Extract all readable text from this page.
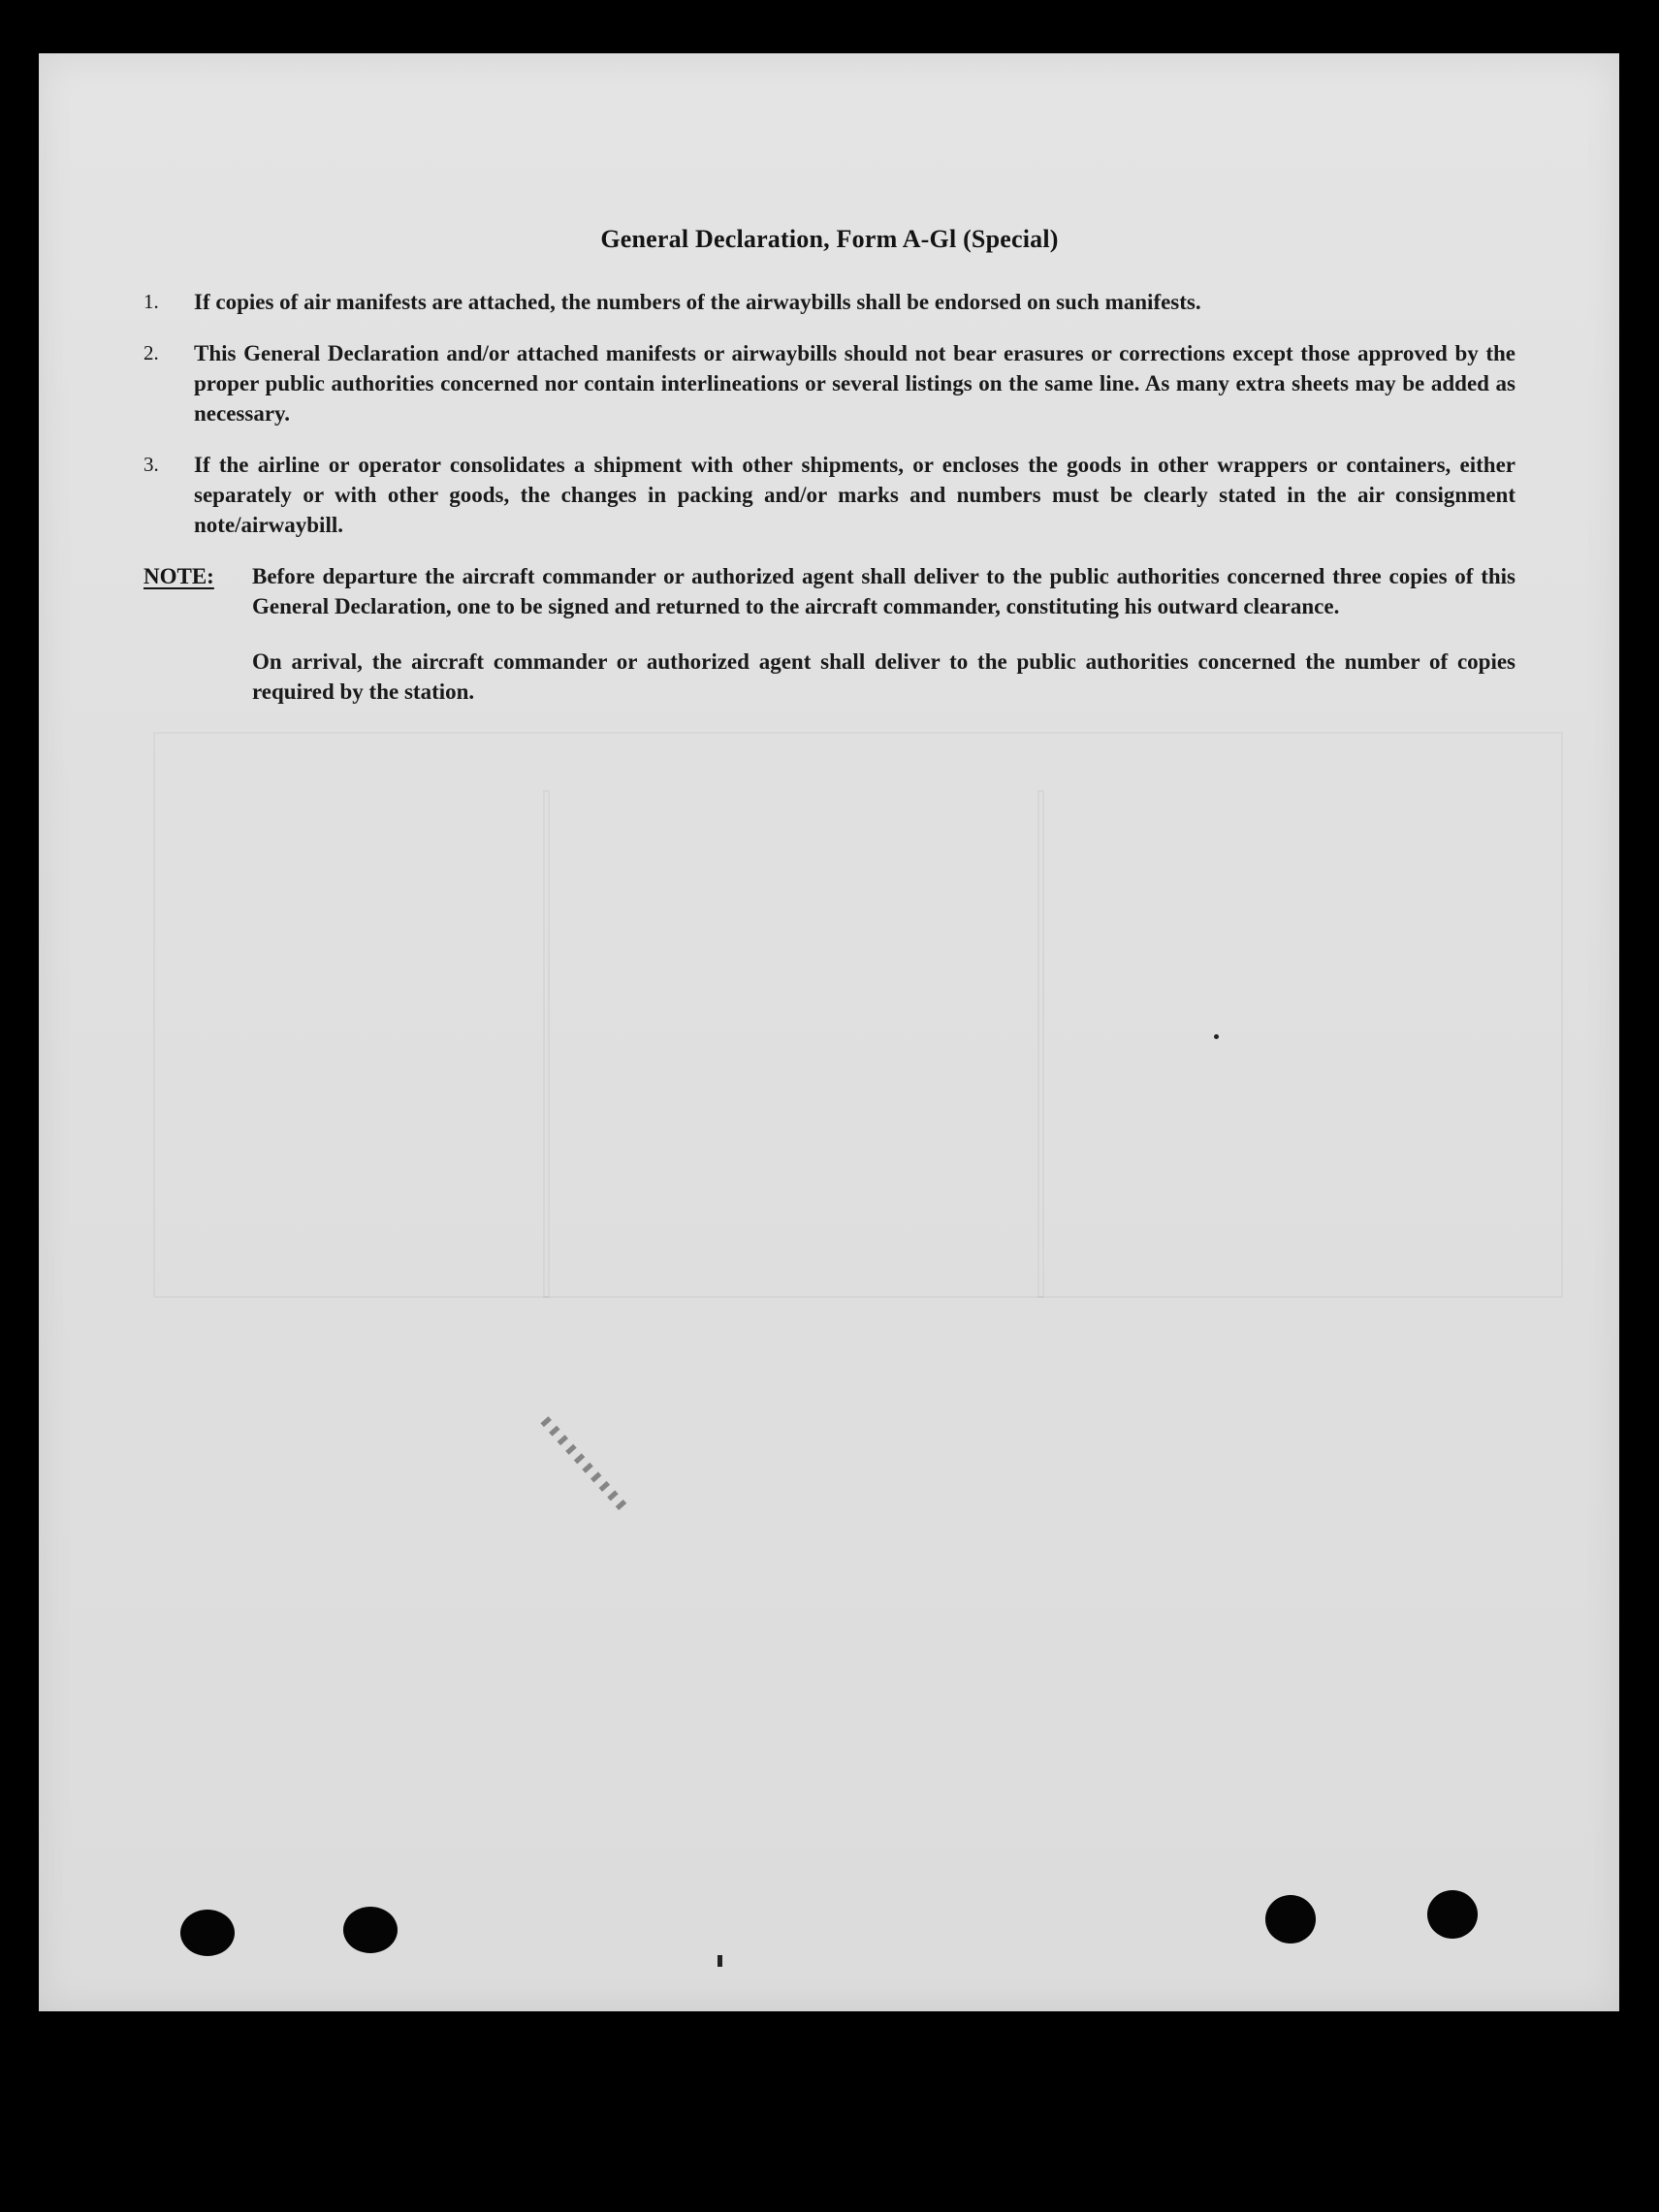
General Declaration, Form A-Gl (Special)
1.	If copies of air manifests are attached, the numbers of the airwaybills shall be endorsed on such manifests.
2.	This General Declaration and/or attached manifests or airwaybills should not bear erasures or corrections except those approved by the proper public authorities concerned nor contain interlineations or several listings on the same line. As many extra sheets may be added as necessary.
3.	If the airline or operator consolidates a shipment with other shipments, or encloses the goods in other wrappers or containers, either separately or with other goods, the changes in packing and/or marks and numbers must be clearly stated in the air consignment note/airwaybill.
NOTE:	Before departure the aircraft commander or authorized agent shall deliver to the public authorities concerned three copies of this General Declaration, one to be signed and returned to the aircraft commander, constituting his outward clearance.

On arrival, the aircraft commander or authorized agent shall deliver to the public authorities concerned the number of copies required by the station.

▮▮▮▮▮▮▮▮▮▮
